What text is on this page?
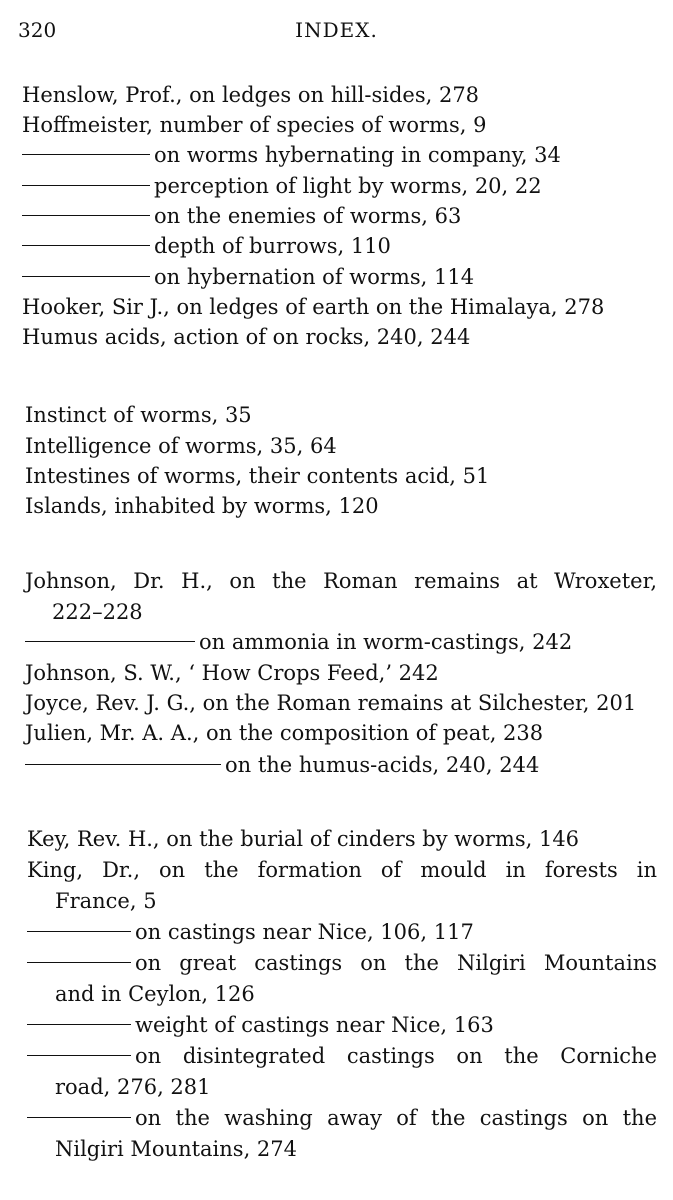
320	INDEX.
Henslow, Prof., on ledges on hill-sides, 278
Hoffmeister, number of species of worms, 9
on worms hybernating in company, 34
perception of light by worms, 20, 22
on the enemies of worms, 63
depth of burrows, 110
on hybernation of worms, 114
Hooker, Sir J., on ledges of earth on the Himalaya, 278
Humus acids, action of on rocks, 240, 244
Instinct of worms, 35
Intelligence of worms, 35, 64
Intestines of worms, their contents acid, 51
Islands, inhabited by worms, 120
Johnson, Dr. H., on the Roman remains at Wroxeter,
222–228
on ammonia in worm-castings, 242
Johnson, S. W., ‘ How Crops Feed,’ 242
Joyce, Rev. J. G., on the Roman remains at Silchester, 201
Julien, Mr. A. A., on the composition of peat, 238
on the humus-acids, 240, 244
Key, Rev. H., on the burial of cinders by worms, 146
King, Dr., on the formation of mould in forests in
France, 5
on castings near Nice, 106, 117
on great castings on the Nilgiri Mountains
and in Ceylon, 126
weight of castings near Nice, 163
on disintegrated castings on the Corniche
road, 276, 281
on the washing away of the castings on the
Nilgiri Mountains, 274
